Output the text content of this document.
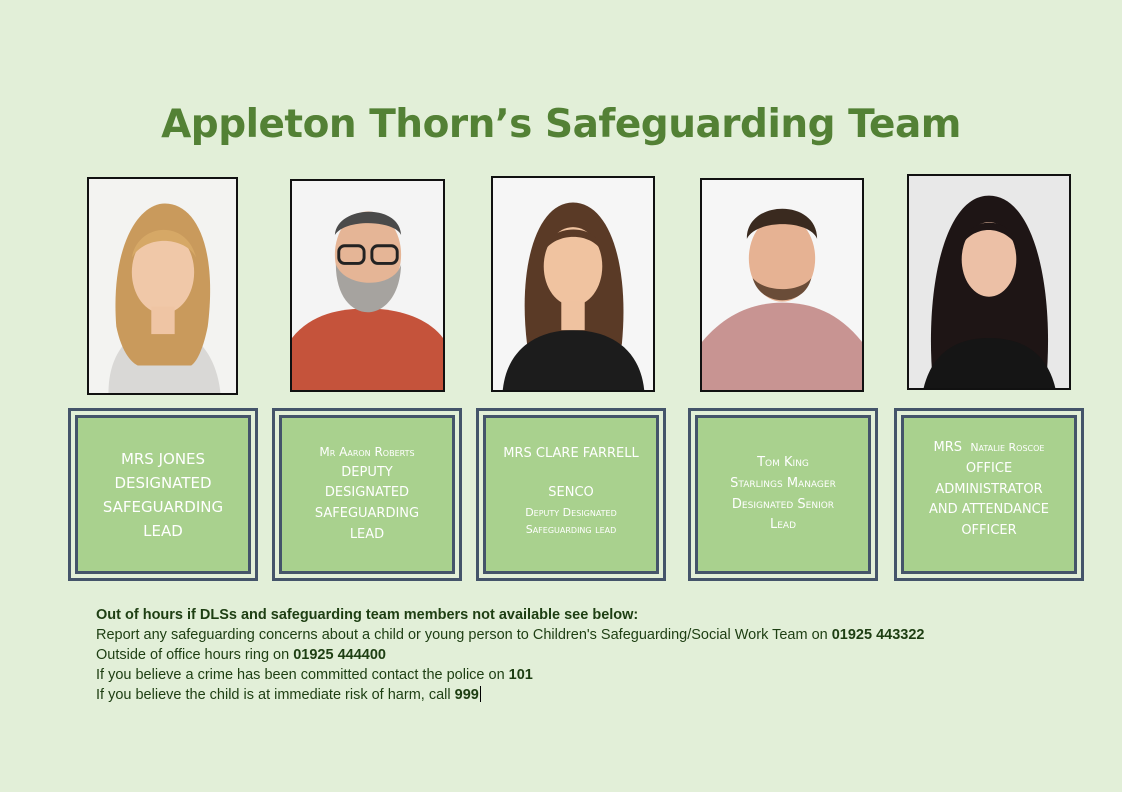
Appleton Thorn’s Safeguarding Team
MRS JONES
DESIGNATED
SAFEGUARDING
LEAD
Mr Aaron Roberts
DEPUTY
DESIGNATED
SAFEGUARDING
LEAD
MRS CLARE FARRELL
SENCO
Deputy Designated
Safeguarding lead
Tom King
Starlings Manager
Designated Senior
Lead
MRS Natalie Roscoe
OFFICE
ADMINISTRATOR
AND ATTENDANCE
OFFICER
Out of hours if DLSs and safeguarding team members not available see below:
Report any safeguarding concerns about a child or young person to Children's Safeguarding/Social Work Team on 01925 443322
Outside of office hours ring on 01925 444400
If you believe a crime has been committed contact the police on 101
If you believe the child is at immediate risk of harm, call 999
